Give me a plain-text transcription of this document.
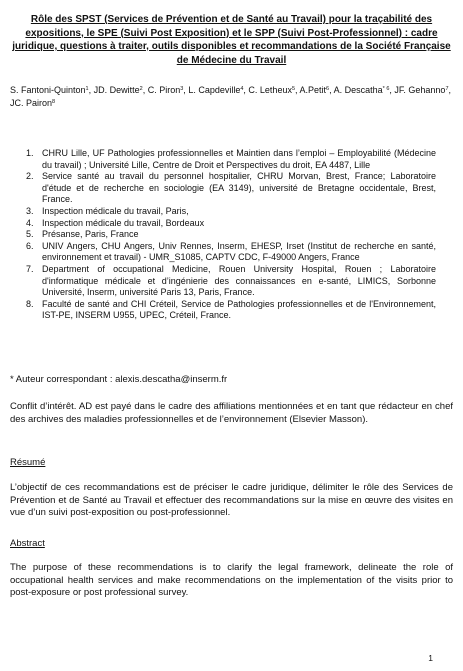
Rôle des SPST (Services de Prévention et de Santé au Travail) pour la traçabilité des expositions, le SPE (Suivi Post Exposition) et le SPP (Suivi Post-Professionnel) : cadre juridique, questions à traiter, outils disponibles et recommandations de la Société Française de Médecine du Travail
S. Fantoni-Quinton$^1$, JD. Dewitte$^2$, C. Piron$^3$, L. Capdeville$^4$, C. Letheux$^5$, A.Petit$^6$, A. Descatha$^{* 6}$, JF. Gehanno$^7$, JC. Pairon$^8$
1. CHRU Lille, UF Pathologies professionnelles et Maintien dans l’emploi – Employabilité (Médecine du travail) ; Université Lille, Centre de Droit et Perspectives du droit, EA 4487, Lille
2. Service santé au travail du personnel hospitalier, CHRU Morvan, Brest, France; Laboratoire d'étude et de recherche en sociologie (EA 3149), université de Bretagne occidentale, Brest, France.
3. Inspection médicale du travail, Paris,
4. Inspection médicale du travail, Bordeaux
5. Présanse, Paris, France
6. UNIV Angers, CHU Angers, Univ Rennes, Inserm, EHESP, Irset (Institut de recherche en santé, environnement et travail) - UMR_S1085, CAPTV CDC, F-49000 Angers, France
7. Department of occupational Medicine, Rouen University Hospital, Rouen ; Laboratoire d'informatique médicale et d’ingénierie des connaissances en e-santé, LIMICS, Sorbonne Université, Inserm, université Paris 13, Paris, France.
8. Faculté de santé and CHI Créteil, Service de Pathologies professionnelles et de l'Environnement, IST-PE, INSERM U955, UPEC, Créteil, France.
* Auteur correspondant : alexis.descatha@inserm.fr
Conflit d’intérêt. AD est payé dans le cadre des affiliations mentionnées et en tant que rédacteur en chef des archives des maladies professionnelles et de l’environnement (Elsevier Masson).
Résumé
L’objectif de ces recommandations est de préciser le cadre juridique, délimiter le rôle des Services de Prévention et de Santé au Travail et effectuer des recommandations sur la mise en œuvre des visites en vue d’un suivi post-exposition ou post-professionnel.
Abstract
The purpose of these recommendations is to clarify the legal framework, delineate the role of occupational health services and make recommendations on the implementation of the visits prior to post-exposure or post professional survey.
1
